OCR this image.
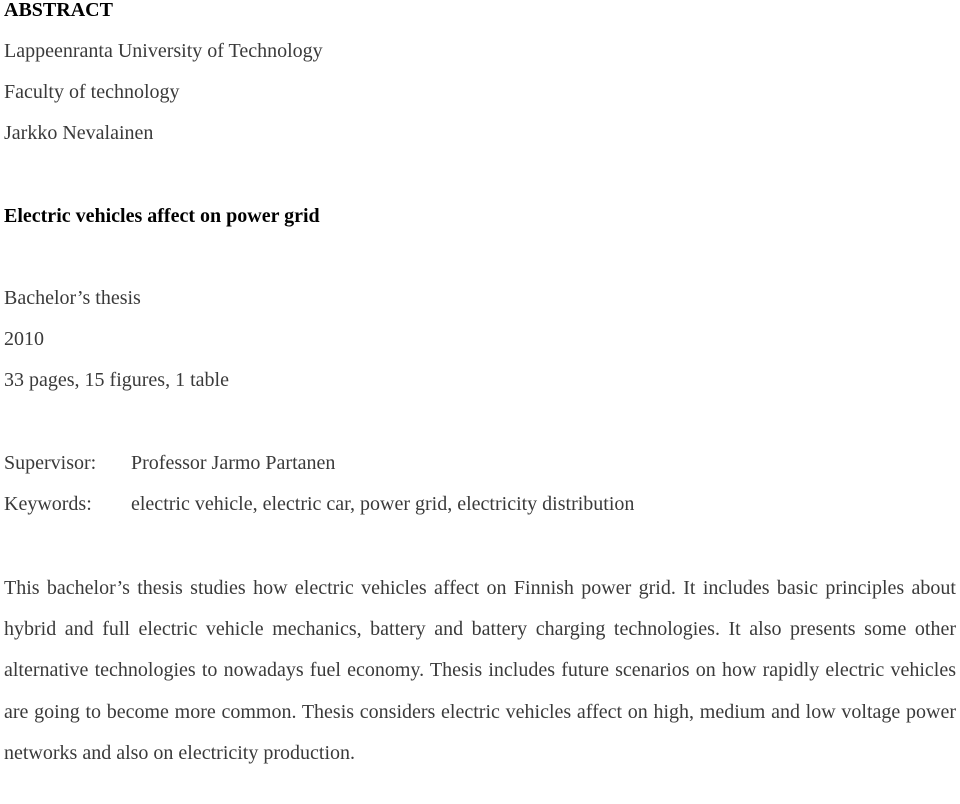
ABSTRACT
Lappeenranta University of Technology
Faculty of technology
Jarkko Nevalainen
Electric vehicles affect on power grid
Bachelor’s thesis
2010
33 pages, 15 figures, 1 table
Supervisor: Professor Jarmo Partanen
Keywords: electric vehicle, electric car, power grid, electricity distribution

This bachelor’s thesis studies how electric vehicles affect on Finnish power grid. It includes basic principles about hybrid and full electric vehicle mechanics, battery and battery charging technologies. It also presents some other alternative technologies to nowadays fuel economy. Thesis includes future scenarios on how rapidly electric vehicles are going to become more common. Thesis considers electric vehicles affect on high, medium and low voltage power networks and also on electricity production.
